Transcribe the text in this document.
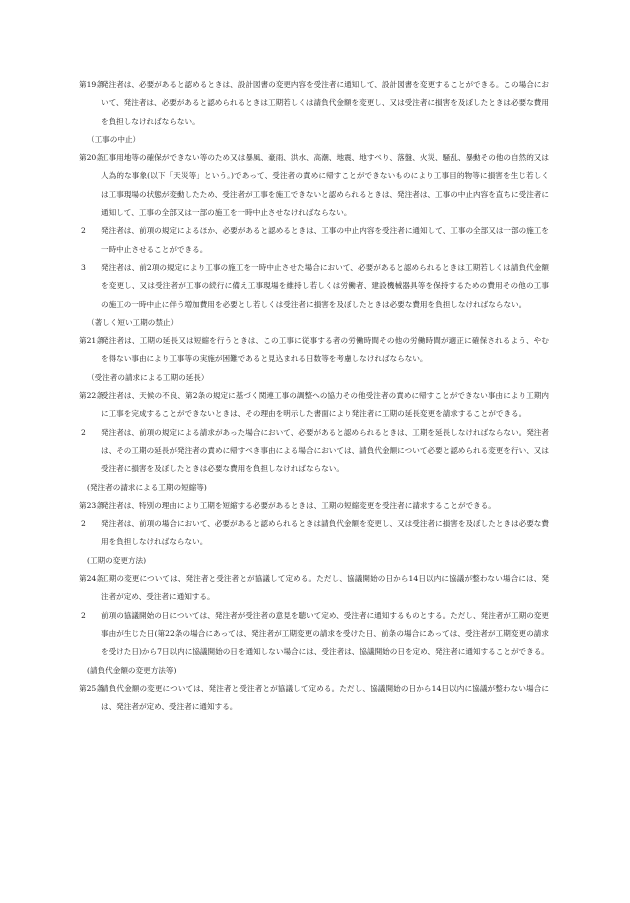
第19条

発注者は、必要があると認めるときは、設計図書の変更内容を受注者に通知して、設計図書を変更することができる。この場合において、発注者は、必要があると認められるときは工期若しくは請負代金額を変更し、又は受注者に損害を及ぼしたときは必要な費用を負担しなければならない。

（工事の中止）

第20条

工事用地等の確保ができない等のため又は暴風、豪雨、洪水、高潮、地震、地すべり、落盤、火災、騒乱、暴動その他の自然的又は人為的な事象(以下「天災等」という。)であって、受注者の責めに帰すことができないものにより工事目的物等に損害を生じ若しくは工事現場の状態が変動したため、受注者が工事を施工できないと認められるときは、発注者は、工事の中止内容を直ちに受注者に通知して、工事の全部又は一部の施工を一時中止させなければならない。

2 発注者は、前項の規定によるほか、必要があると認めるときは、工事の中止内容を受注者に通知して、工事の全部又は一部の施工を一時中止させることができる。

3 発注者は、前2項の規定により工事の施工を一時中止させた場合において、必要があると認められるときは工期若しくは請負代金額を変更し、又は受注者が工事の続行に備え工事現場を維持し若しくは労働者、建設機械器具等を保持するための費用その他の工事の施工の一時中止に伴う増加費用を必要とし若しくは受注者に損害を及ぼしたときは必要な費用を負担しなければならない。

（著しく短い工期の禁止）

第21条

発注者は、工期の延長又は短縮を行うときは、この工事に従事する者の労働時間その他の労働時間が適正に確保されるよう、やむを得ない事由により工事等の実施が困難であると見込まれる日数等を考慮しなければならない。

（受注者の請求による工期の延長）

第22条

受注者は、天候の不良、第2条の規定に基づく関連工事の調整への協力その他受注者の責めに帰すことができない事由により工期内に工事を完成することができないときは、その理由を明示した書面により発注者に工期の延長変更を請求することができる。

2 発注者は、前項の規定による請求があった場合において、必要があると認められるときは、工期を延長しなければならない。発注者は、その工期の延長が発注者の責めに帰すべき事由による場合においては、請負代金額について必要と認められる変更を行い、又は受注者に損害を及ぼしたときは必要な費用を負担しなければならない。

(発注者の請求による工期の短縮等)

第23条

発注者は、特別の理由により工期を短縮する必要があるときは、工期の短縮変更を受注者に請求することができる。

2 発注者は、前項の場合において、必要があると認められるときは請負代金額を変更し、又は受注者に損害を及ぼしたときは必要な費用を負担しなければならない。

(工期の変更方法)

第24条

工期の変更については、発注者と受注者とが協議して定める。ただし、協議開始の日から14日以内に協議が整わない場合には、発注者が定め、受注者に通知する。

2 前項の協議開始の日については、発注者が受注者の意見を聴いて定め、受注者に通知するものとする。ただし、発注者が工期の変更事由が生じた日(第22条の場合にあっては、発注者が工期変更の請求を受けた日、前条の場合にあっては、受注者が工期変更の請求を受けた日)から7日以内に協議開始の日を通知しない場合には、受注者は、協議開始の日を定め、発注者に通知することができる。

(請負代金額の変更方法等)

第25条

請負代金額の変更については、発注者と受注者とが協議して定める。ただし、協議開始の日から14日以内に協議が整わない場合には、発注者が定め、受注者に通知する。
